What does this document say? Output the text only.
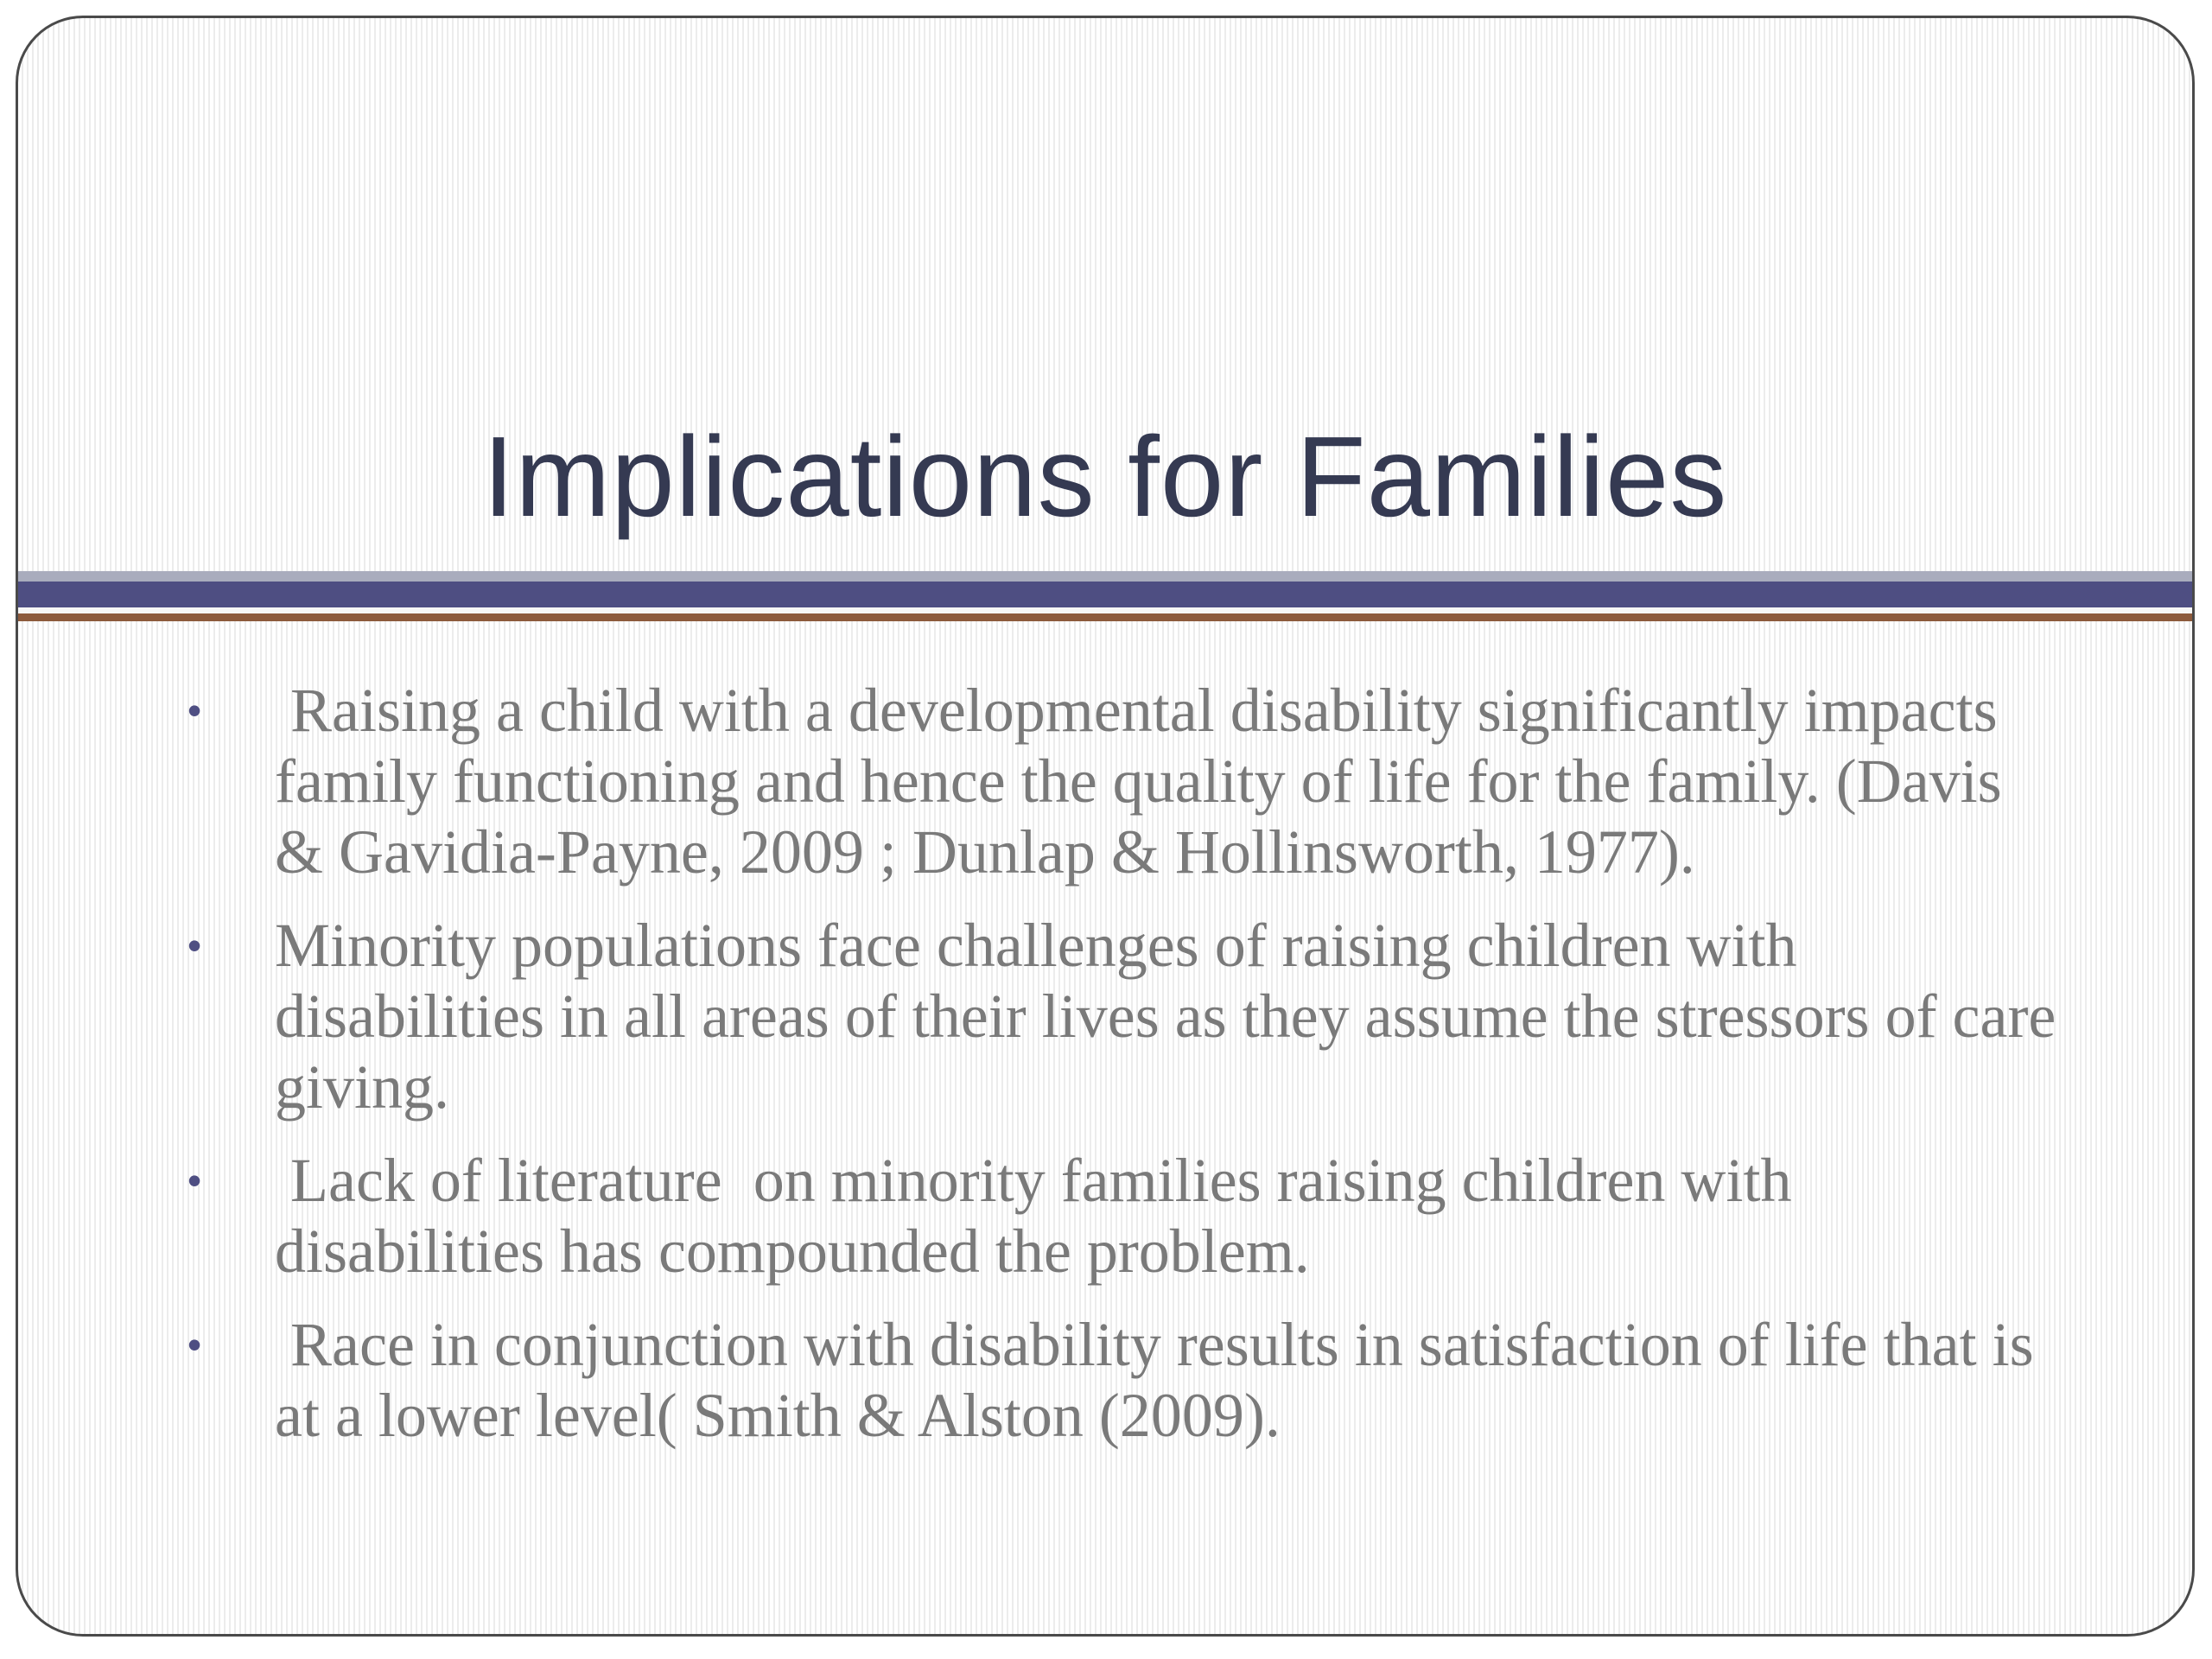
Implications for Families
• Raising a child with a developmental disability significantly impacts family functioning and hence the quality of life for the family. (Davis & Gavidia-Payne, 2009 ; Dunlap & Hollinsworth, 1977).
• Minority populations face challenges of raising children with disabilities in all areas of their lives as they assume the stressors of care giving.
• Lack of literature  on minority families raising children with disabilities has compounded the problem.
• Race in conjunction with disability results in satisfaction of life that is at a lower level( Smith & Alston (2009).
